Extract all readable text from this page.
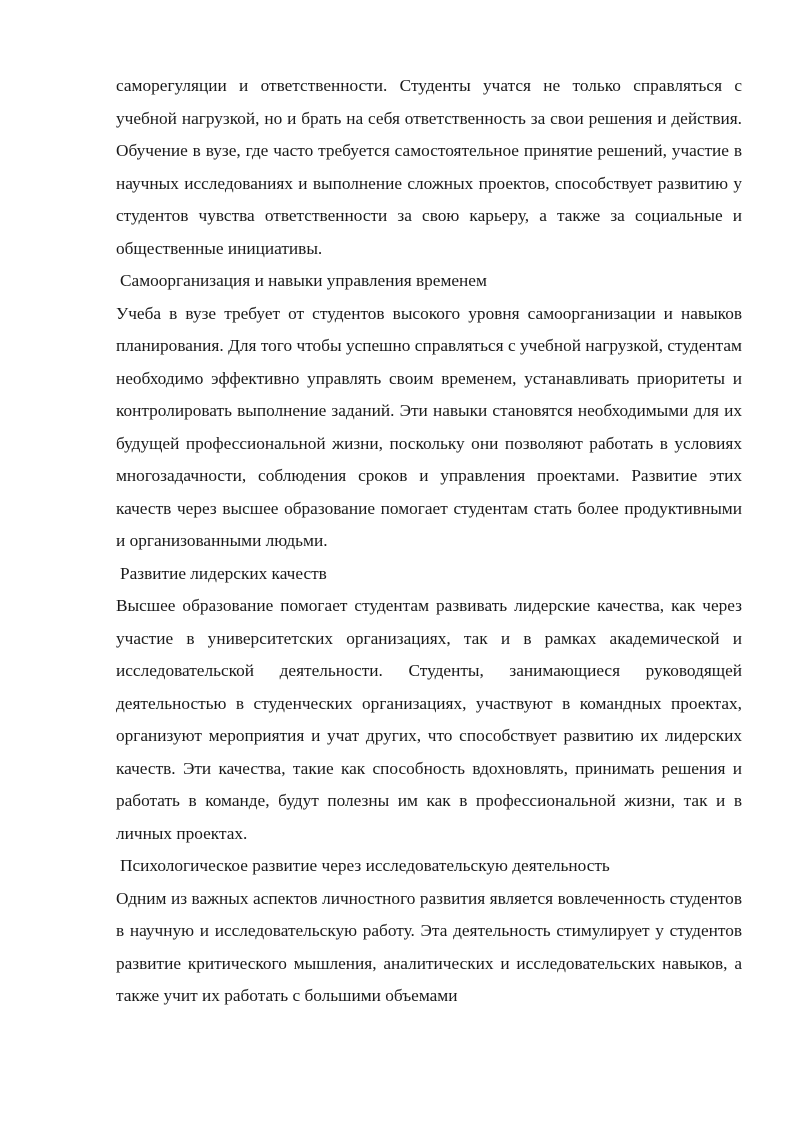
саморегуляции и ответственности. Студенты учатся не только справляться с учебной нагрузкой, но и брать на себя ответственность за свои решения и действия. Обучение в вузе, где часто требуется самостоятельное принятие решений, участие в научных исследованиях и выполнение сложных проектов, способствует развитию у студентов чувства ответственности за свою карьеру, а также за социальные и общественные инициативы.

Самоорганизация и навыки управления временем

Учеба в вузе требует от студентов высокого уровня самоорганизации и навыков планирования. Для того чтобы успешно справляться с учебной нагрузкой, студентам необходимо эффективно управлять своим временем, устанавливать приоритеты и контролировать выполнение заданий. Эти навыки становятся необходимыми для их будущей профессиональной жизни, поскольку они позволяют работать в условиях многозадачности, соблюдения сроков и управления проектами. Развитие этих качеств через высшее образование помогает студентам стать более продуктивными и организованными людьми.

Развитие лидерских качеств

Высшее образование помогает студентам развивать лидерские качества, как через участие в университетских организациях, так и в рамках академической и исследовательской деятельности. Студенты, занимающиеся руководящей деятельностью в студенческих организациях, участвуют в командных проектах, организуют мероприятия и учат других, что способствует развитию их лидерских качеств. Эти качества, такие как способность вдохновлять, принимать решения и работать в команде, будут полезны им как в профессиональной жизни, так и в личных проектах.

Психологическое развитие через исследовательскую деятельность

Одним из важных аспектов личностного развития является вовлеченность студентов в научную и исследовательскую работу. Эта деятельность стимулирует у студентов развитие критического мышления, аналитических и исследовательских навыков, а также учит их работать с большими объемами
